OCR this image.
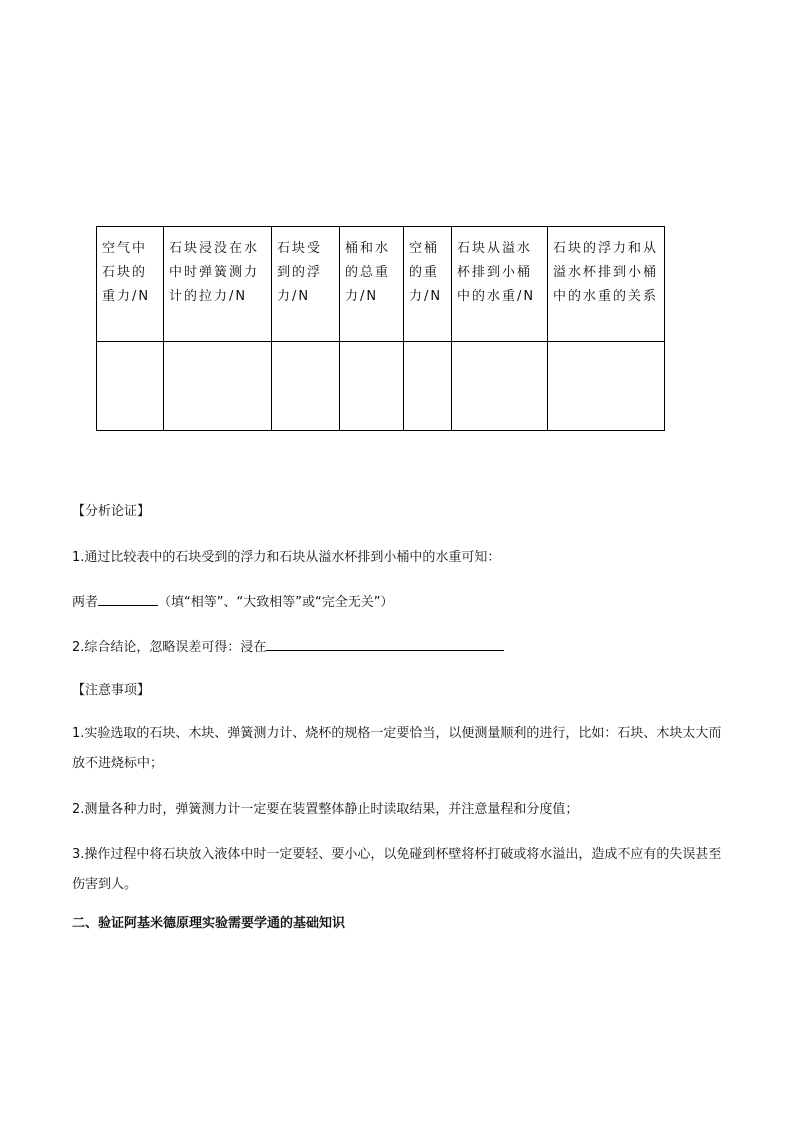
空气中石块的重力/N	石块浸没在水中时弹簧测力计的拉力/N	石块受到的浮力/N	桶和水的总重力/N	空桶的重力/N	石块从溢水杯排到小桶中的水重/N	石块的浮力和从溢水杯排到小桶中的水重的关系

【分析论证】
1.通过比较表中的石块受到的浮力和石块从溢水杯排到小桶中的水重可知：
两者	（填“相等”、“大致相等”或“完全无关”）
2.综合结论，忽略误差可得：浸在
【注意事项】
1.实验选取的石块、木块、弹簧测力计、烧杯的规格一定要恰当，以便测量顺利的进行，比如：石块、木块太大而放不进烧标中；
2.测量各种力时，弹簧测力计一定要在装置整体静止时读取结果，并注意量程和分度值；
3.操作过程中将石块放入液体中时一定要轻、要小心，以免碰到杯壁将杯打破或将水溢出，造成不应有的失误甚至伤害到人。
二、验证阿基米德原理实验需要学通的基础知识
